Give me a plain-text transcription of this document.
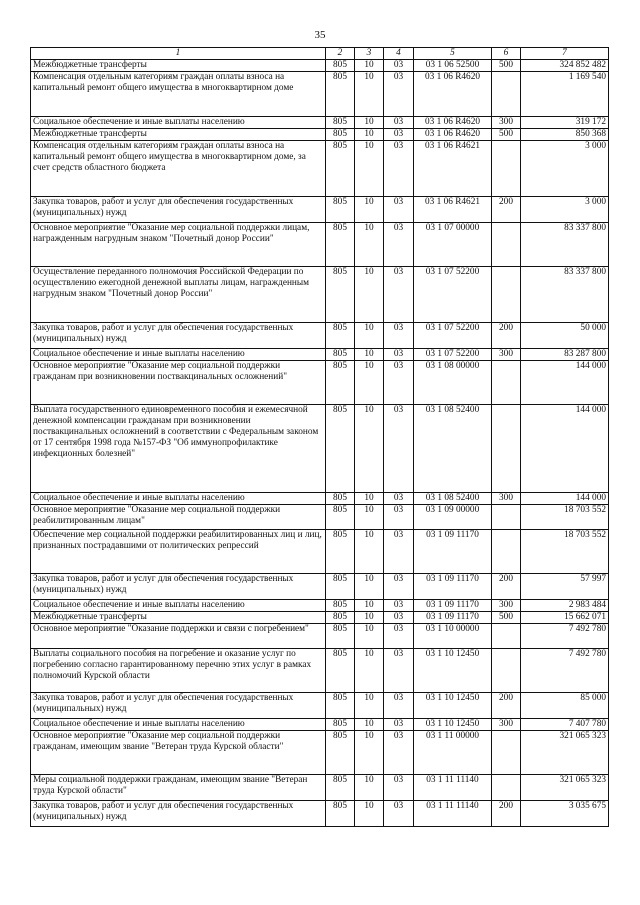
35
1	2	3	4	5	6	7
Межбюджетные трансферты	805	10	03	03 1 06 52500	500	324 852 482
Компенсация отдельным категориям граждан оплаты взноса на капитальный ремонт общего имущества в многоквартирном доме	805	10	03	03 1 06 R4620		1 169 540
Социальное обеспечение и иные выплаты населению	805	10	03	03 1 06 R4620	300	319 172
Межбюджетные трансферты	805	10	03	03 1 06 R4620	500	850 368
Компенсация отдельным категориям граждан оплаты взноса на капитальный ремонт общего имущества в многоквартирном доме, за счет средств областного бюджета	805	10	03	03 1 06 R4621		3 000
Закупка товаров, работ и услуг для обеспечения государственных (муниципальных) нужд	805	10	03	03 1 06 R4621	200	3 000
Основное мероприятие "Оказание мер социальной поддержки лицам, награжденным нагрудным знаком "Почетный донор России"	805	10	03	03 1 07 00000		83 337 800
Осуществление переданного полномочия Российской Федерации по осуществлению ежегодной денежной выплаты лицам, награжденным нагрудным знаком "Почетный донор России"	805	10	03	03 1 07 52200		83 337 800
Закупка товаров, работ и услуг для обеспечения государственных (муниципальных) нужд	805	10	03	03 1 07 52200	200	50 000
Социальное обеспечение и иные выплаты населению	805	10	03	03 1 07 52200	300	83 287 800
Основное мероприятие "Оказание мер социальной поддержки гражданам при возникновении поствакцинальных осложнений"	805	10	03	03 1 08 00000		144 000
Выплата государственного единовременного пособия и ежемесячной денежной компенсации гражданам при возникновении поствакцинальных осложнений в соответствии с Федеральным законом от 17 сентября 1998 года №157-ФЗ "Об иммунопрофилактике инфекционных болезней"	805	10	03	03 1 08 52400		144 000
Социальное обеспечение и иные выплаты населению	805	10	03	03 1 08 52400	300	144 000
Основное мероприятие "Оказание мер социальной поддержки реабилитированным лицам"	805	10	03	03 1 09 00000		18 703 552
Обеспечение мер социальной поддержки реабилитированных лиц и лиц, признанных пострадавшими от политических репрессий	805	10	03	03 1 09 11170		18 703 552
Закупка товаров, работ и услуг для обеспечения государственных (муниципальных) нужд	805	10	03	03 1 09 11170	200	57 997
Социальное обеспечение и иные выплаты населению	805	10	03	03 1 09 11170	300	2 983 484
Межбюджетные трансферты	805	10	03	03 1 09 11170	500	15 662 071
Основное мероприятие "Оказание поддержки и связи с погребением"	805	10	03	03 1 10 00000		7 492 780
Выплаты социального пособия на погребение и оказание услуг по погребению согласно гарантированному перечню этих услуг в рамках полномочий Курской области	805	10	03	03 1 10 12450		7 492 780
Закупка товаров, работ и услуг для обеспечения государственных (муниципальных) нужд	805	10	03	03 1 10 12450	200	85 000
Социальное обеспечение и иные выплаты населению	805	10	03	03 1 10 12450	300	7 407 780
Основное мероприятие "Оказание мер социальной поддержки гражданам, имеющим звание "Ветеран труда Курской области"	805	10	03	03 1 11 00000		321 065 323
Меры социальной поддержки гражданам, имеющим звание "Ветеран труда Курской области"	805	10	03	03 1 11 11140		321 065 323
Закупка товаров, работ и услуг для обеспечения государственных (муниципальных) нужд	805	10	03	03 1 11 11140	200	3 035 675
